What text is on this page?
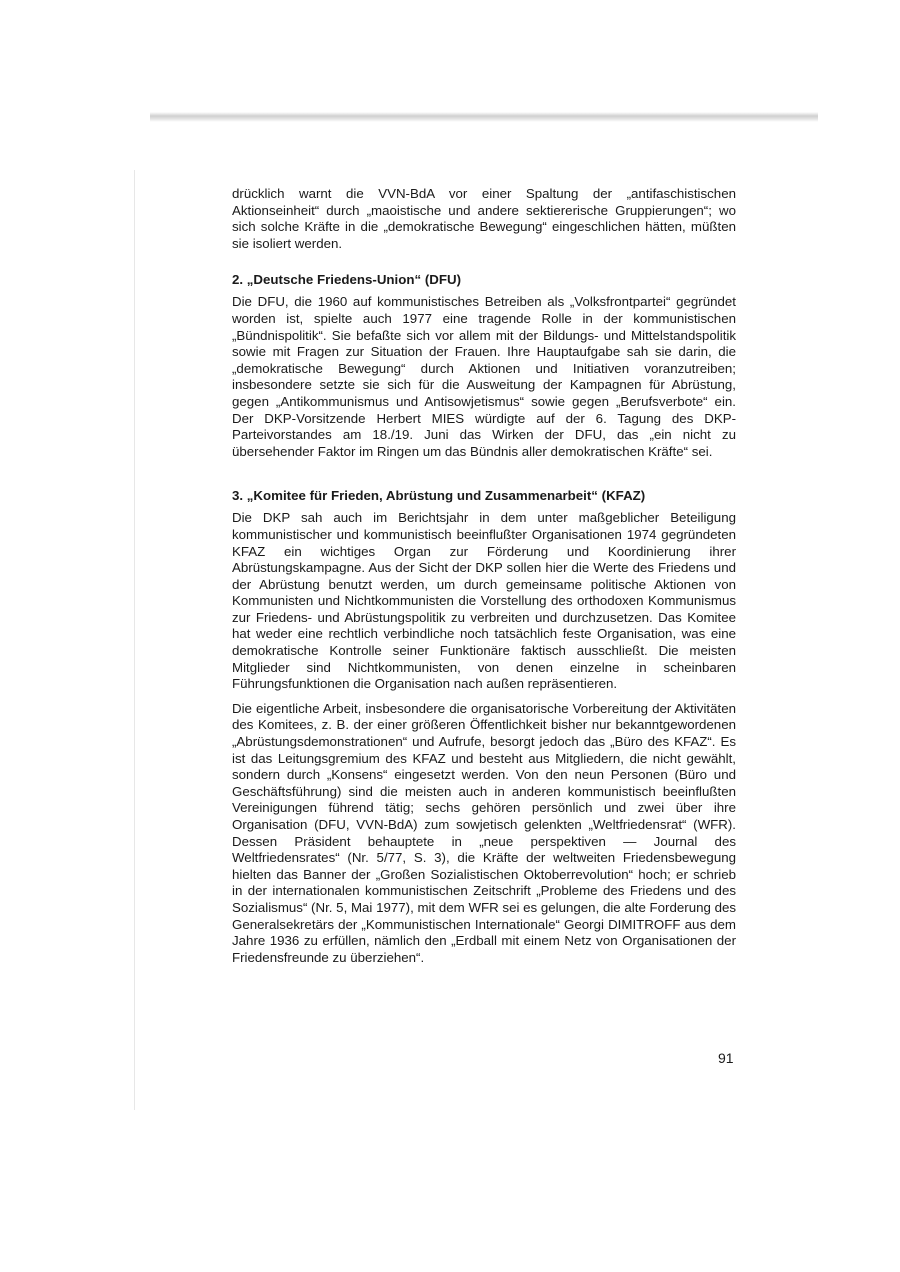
drücklich warnt die VVN-BdA vor einer Spaltung der „antifaschistischen Aktionseinheit“ durch „maoistische und andere sektiererische Gruppierungen“; wo sich solche Kräfte in die „demokratische Bewegung“ eingeschlichen hätten, müßten sie isoliert werden.

2. „Deutsche Friedens-Union“ (DFU)

Die DFU, die 1960 auf kommunistisches Betreiben als „Volksfrontpartei“ gegründet worden ist, spielte auch 1977 eine tragende Rolle in der kommunistischen „Bündnispolitik“. Sie befaßte sich vor allem mit der Bildungs- und Mittelstandspolitik sowie mit Fragen zur Situation der Frauen. Ihre Hauptaufgabe sah sie darin, die „demokratische Bewegung“ durch Aktionen und Initiativen voranzutreiben; insbesondere setzte sie sich für die Ausweitung der Kampagnen für Abrüstung, gegen „Antikommunismus und Antisowjetismus“ sowie gegen „Berufsverbote“ ein. Der DKP-Vorsitzende Herbert MIES würdigte auf der 6. Tagung des DKP-Parteivorstandes am 18./19. Juni das Wirken der DFU, das „ein nicht zu übersehender Faktor im Ringen um das Bündnis aller demokratischen Kräfte“ sei.

3. „Komitee für Frieden, Abrüstung und Zusammenarbeit“ (KFAZ)

Die DKP sah auch im Berichtsjahr in dem unter maßgeblicher Beteiligung kommunistischer und kommunistisch beeinflußter Organisationen 1974 gegründeten KFAZ ein wichtiges Organ zur Förderung und Koordinierung ihrer Abrüstungskampagne. Aus der Sicht der DKP sollen hier die Werte des Friedens und der Abrüstung benutzt werden, um durch gemeinsame politische Aktionen von Kommunisten und Nichtkommunisten die Vorstellung des orthodoxen Kommunismus zur Friedens- und Abrüstungspolitik zu verbreiten und durchzusetzen. Das Komitee hat weder eine rechtlich verbindliche noch tatsächlich feste Organisation, was eine demokratische Kontrolle seiner Funktionäre faktisch ausschließt. Die meisten Mitglieder sind Nichtkommunisten, von denen einzelne in scheinbaren Führungsfunktionen die Organisation nach außen repräsentieren.

Die eigentliche Arbeit, insbesondere die organisatorische Vorbereitung der Aktivitäten des Komitees, z. B. der einer größeren Öffentlichkeit bisher nur bekanntgewordenen „Abrüstungsdemonstrationen“ und Aufrufe, besorgt jedoch das „Büro des KFAZ“. Es ist das Leitungsgremium des KFAZ und besteht aus Mitgliedern, die nicht gewählt, sondern durch „Konsens“ eingesetzt werden. Von den neun Personen (Büro und Geschäftsführung) sind die meisten auch in anderen kommunistisch beeinflußten Vereinigungen führend tätig; sechs gehören persönlich und zwei über ihre Organisation (DFU, VVN-BdA) zum sowjetisch gelenkten „Weltfriedensrat“ (WFR). Dessen Präsident behauptete in „neue perspektiven — Journal des Weltfriedensrates“ (Nr. 5/77, S. 3), die Kräfte der weltweiten Friedensbewegung hielten das Banner der „Großen Sozialistischen Oktoberrevolution“ hoch; er schrieb in der internationalen kommunistischen Zeitschrift „Probleme des Friedens und des Sozialismus“ (Nr. 5, Mai 1977), mit dem WFR sei es gelungen, die alte Forderung des Generalsekretärs der „Kommunistischen Internationale“ Georgi DIMITROFF aus dem Jahre 1936 zu erfüllen, nämlich den „Erdball mit einem Netz von Organisationen der Friedensfreunde zu überziehen“.

91
